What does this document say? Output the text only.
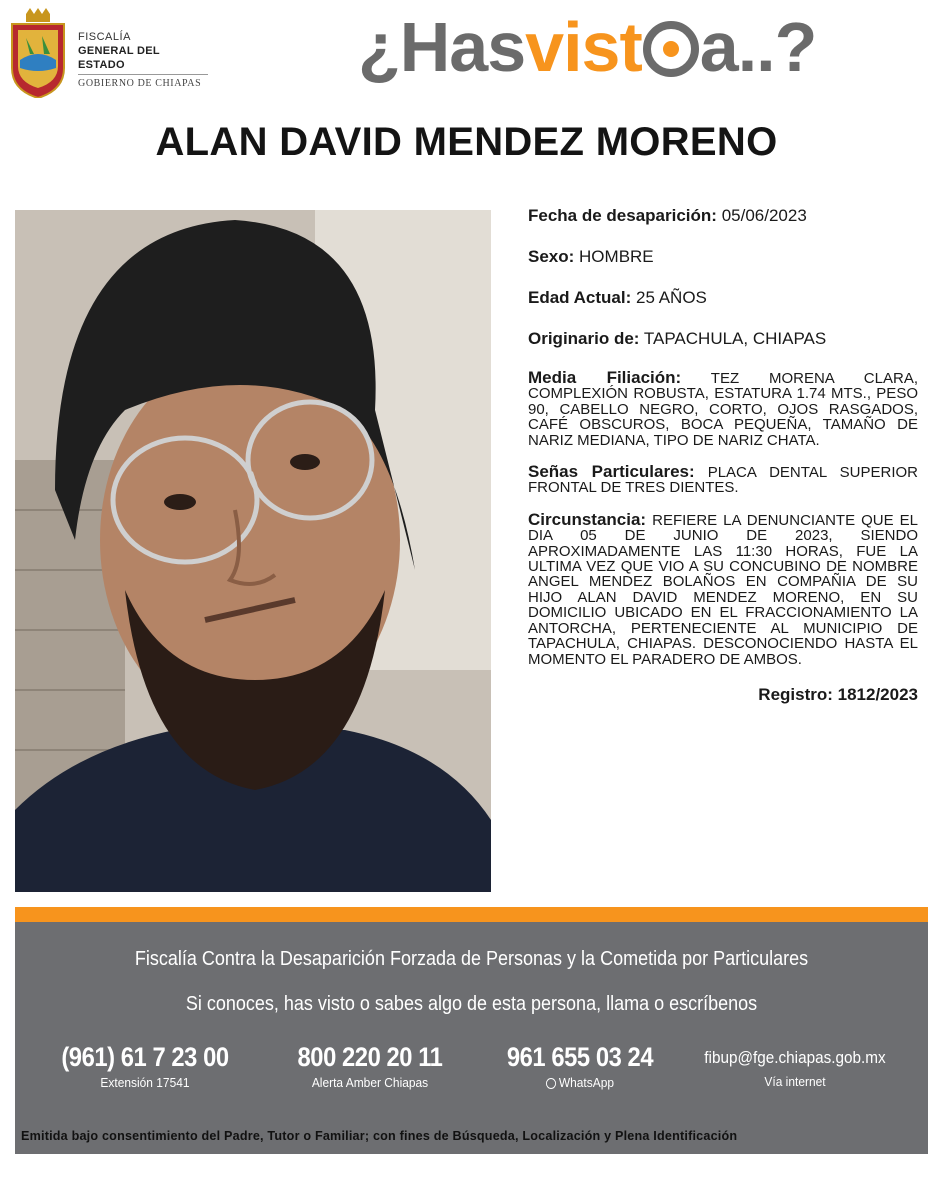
FISCALÍA
GENERAL DEL ESTADO
GOBIERNO DE CHIAPAS ¿Hasvist a..?
ALAN DAVID MENDEZ MORENO
Fecha de desaparición: 05/06/2023
Sexo: HOMBRE
Edad Actual: 25 AÑOS
Originario de: TAPACHULA, CHIAPAS
Media Filiación: TEZ MORENA CLARA, COMPLEXIÓN ROBUSTA, ESTATURA 1.74 MTS., PESO 90, CABELLO NEGRO, CORTO, OJOS RASGADOS, CAFÉ OBSCUROS, BOCA PEQUEÑA, TAMAÑO DE NARIZ MEDIANA, TIPO DE NARIZ CHATA.
Señas Particulares: PLACA DENTAL SUPERIOR FRONTAL DE TRES DIENTES.
Circunstancia: REFIERE LA DENUNCIANTE QUE EL DIA 05 DE JUNIO DE 2023, SIENDO APROXIMADAMENTE LAS 11:30 HORAS, FUE LA ULTIMA VEZ QUE VIO A SU CONCUBINO DE NOMBRE ANGEL MENDEZ BOLAÑOS EN COMPAÑIA DE SU HIJO ALAN DAVID MENDEZ MORENO, EN SU DOMICILIO UBICADO EN EL FRACCIONAMIENTO LA ANTORCHA, PERTENECIENTE AL MUNICIPIO DE TAPACHULA, CHIAPAS. DESCONOCIENDO HASTA EL MOMENTO EL PARADERO DE AMBOS.
Registro: 1812/2023
Fiscalía Contra la Desaparición Forzada de Personas y la Cometida por Particulares
Si conoces, has visto o sabes algo de esta persona, llama o escríbenos
(961) 61 7 23 00
Extensión 17541
800 220 20 11
Alerta Amber Chiapas
961 655 03 24
WhatsApp
fibup@fge.chiapas.gob.mx
Vía internet
Emitida bajo consentimiento del Padre, Tutor o Familiar; con fines de Búsqueda, Localización y Plena Identificación
